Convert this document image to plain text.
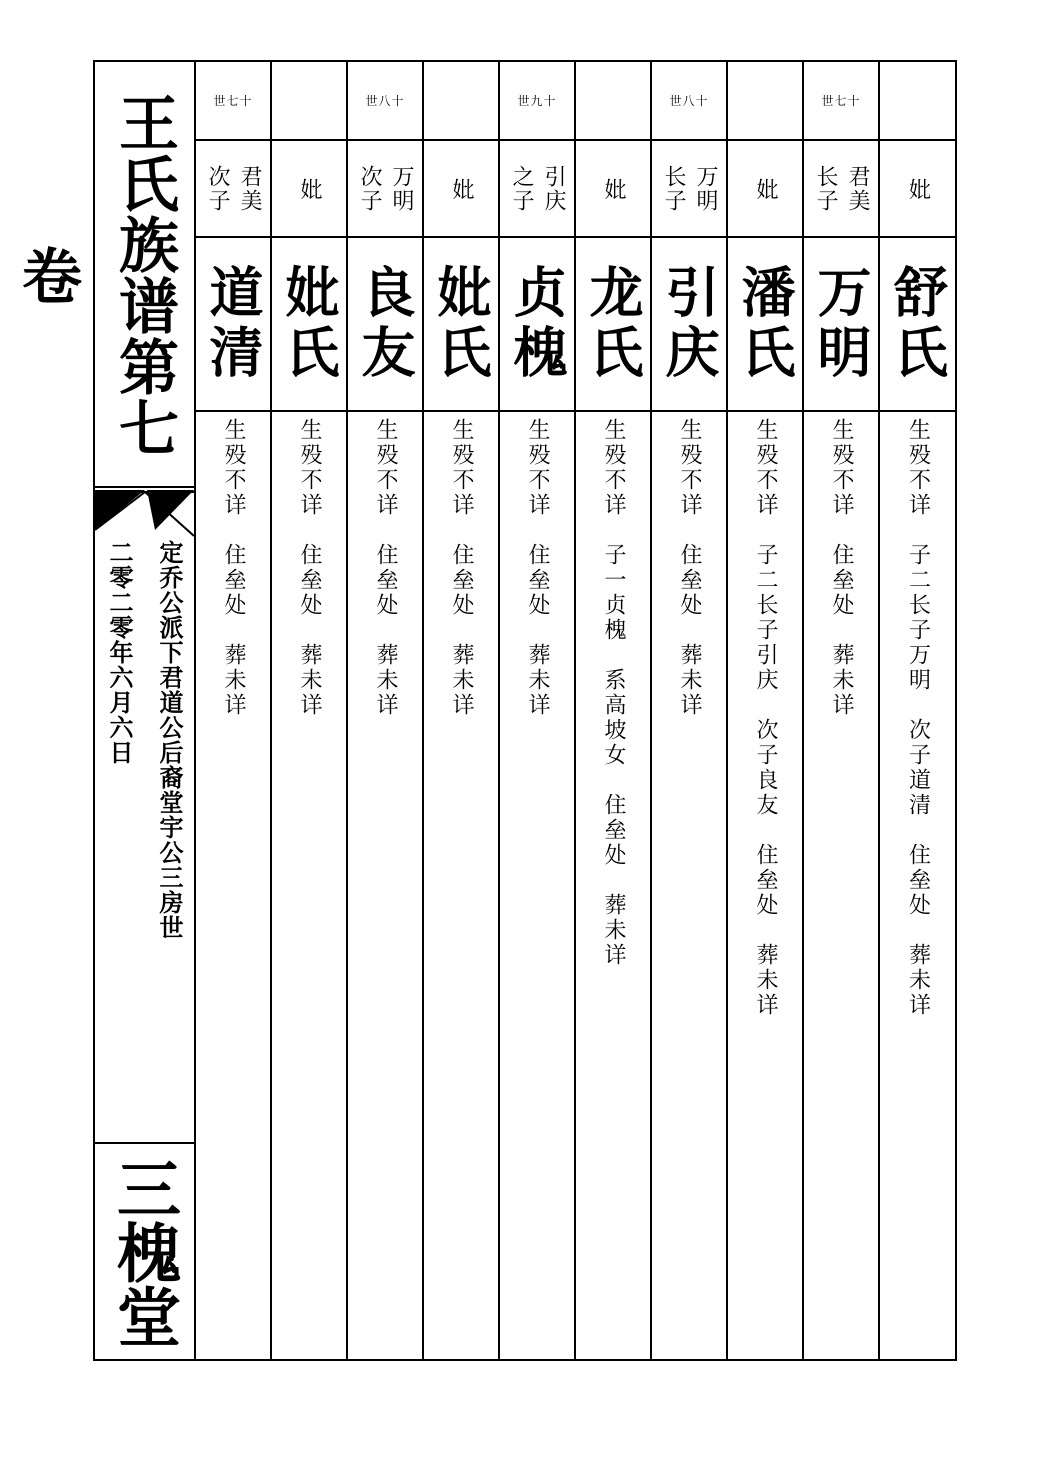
王氏族谱第七卷
定乔公派下君道公后裔堂宇公三房世
二零二零年六月六日
三槐堂
世七十
君美
次子
道清
生殁不详　住垒处　葬未详
妣
妣氏
生殁不详　住垒处　葬未详
世八十
万明
次子
良友
生殁不详　住垒处　葬未详
妣
妣氏
生殁不详　住垒处　葬未详
世九十
引庆
之子
贞槐
生殁不详　住垒处　葬未详
妣
龙氏
生殁不详　子一贞槐　系高坡女　住垒处　葬未详
世八十
万明
长子
引庆
生殁不详　住垒处　葬未详
妣
潘氏
生殁不详　子二长子引庆　次子良友　住垒处　葬未详
世七十
君美
长子
万明
生殁不详　住垒处　葬未详
妣
舒氏
生殁不详　子二长子万明　次子道清　住垒处　葬未详
